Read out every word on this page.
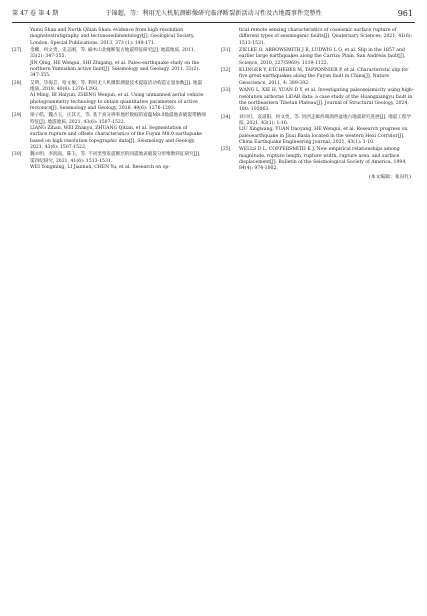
第 47 卷 第 4 期	于锦超，等：利用无人机航测影像研究临泽断裂新活动习性及古地震事件完整性	961

Yumu Shan and North Qilian Shan: evidence from high-resolution magnetostratigraphy and tectonosedimentology[J]. Geological Society, London, Special Publications, 2013, 373 (1): 149-171.

[27] 金卿，何文贵，史志刚，等. 榆木山北缘断裂古地震特征研究[J]. 地震地质, 2011, 33(2): 347-355.

JIN Qing, HE Wengui, SHI Zhigang, et al. Paleo-earthquake study on the northern Yumushan active fault[J]. Seismology and Geology, 2011, 33(2): 347-355.

[28] 艾明，毕海芸，哈文俊，等. 利用无人机摄影测量技术提取活动构造定量参数[J]. 地震地质, 2018, 40(6): 1276-1293.

AI Ming, BI Haiyun, ZHENG Wenjun, et al. Using unmanned aerial vehicle photogrammetry technology to obtain quantitative parameters of active tectonics[J]. Seismology and Geology, 2018, 40(6): 1276-1293.

[29] 梁子皓，魏占玉，庄其天，等. 基于高分辨率地形数据的富蕴M8.0地震地表破裂带精细特征[J]. 地震地质, 2021, 43(6): 1507-1522.

LIANG Zihan, WEI Zhanyu, ZHUANG Qitian, et al. Segmentation of surface rupture and offsets characteristics of the Fuyun M8.0 earthquake based on high resolution topographic data[J]. Seismology and Geology, 2021, 43(6): 1507-1522.

[30] 魏永明，李润南，陈玉，等. 不同类型发震断层的同震地表破裂分形维数特征研究[J]. 第四纪研究, 2021, 41(6): 1513-1531.

WEI Yongming, LI Jiannan, CHEN Yu, et al. Research on op-

tical remote sensing characteristics of coseismic surface rupture of different types of seismogenic faults[J]. Quaternary Sciences, 2021, 41(6): 1513-1531.

[31] ZIELKE O, ARROWSMITH J R, LUDWIG L G, et al. Slip in the 1857 and earlier large earthquakes along the Carrizo Plain, San Andreas fault[J]. Science, 2010, 327(5969): 1119-1122.

[32] KLINGER Y, ETCHEBES M, TAPPONNIER P, et al. Characteristic slip for five great earthquakes along the Fuyun fault in China[J]. Nature Geoscience, 2011, 4: 389-392.

[33] WANG L, XIE H, YUAN D Y, et al. Investigating paleoseismicity using high-resolution airborne LiDAR data: a case study of the Huangxiangyu fault in the northeastern Tibetan Plateau[J]. Journal of Structural Geology, 2024, 180: 105063.

[34] 刘兴旺，袁道阳，何文贵，等. 河西走廊西端酒西盆地古地震研究进展[J]. 地震工程学报, 2021, 43(1): 1-10.

LIU Xingwang, YUAN Daoyang, HE Wengui, et al. Research progress on paleoearthquake in Jiuxi Basin located in the western Hexi Corridor[J]. China Earthquake Engineering Journal, 2021, 43(1): 1-10.

[35] WELLS D L, COPPERSMITH K J. New empirical relationships among magnitude, rupture length, rupture width, rupture area, and surface displacement[J]. Bulletin of the Seismological Society of America, 1994, 84(4): 974-1002.

(本文编辑：张向红)
